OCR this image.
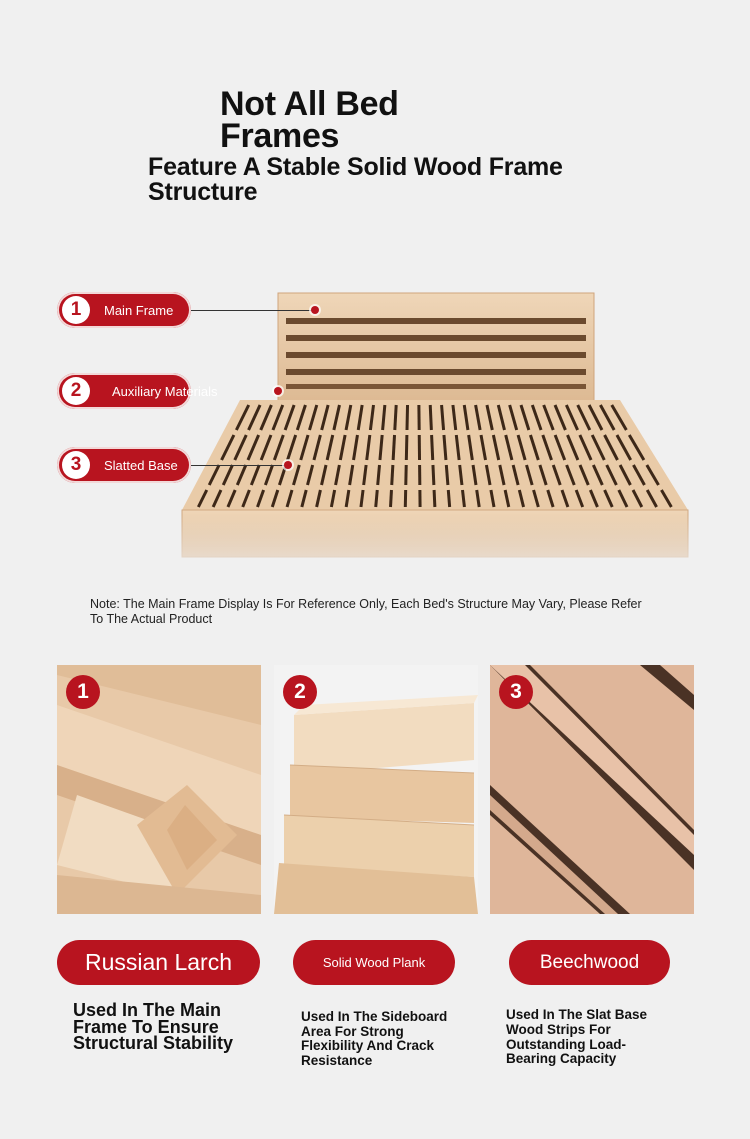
Not All Bed Frames
Feature A Stable Solid Wood Frame Structure
1	Main Frame
2	Auxiliary Materials
3	Slatted Base
Note: The Main Frame Display Is For Reference Only, Each Bed's Structure May Vary, Please Refer To The Actual Product
1	2	3
Russian Larch	Solid Wood Plank	Beechwood
Used In The Main Frame To Ensure Structural Stability
Used In The Sideboard Area For Strong Flexibility And Crack Resistance
Used In The Slat Base Wood Strips For Outstanding Load-Bearing Capacity
